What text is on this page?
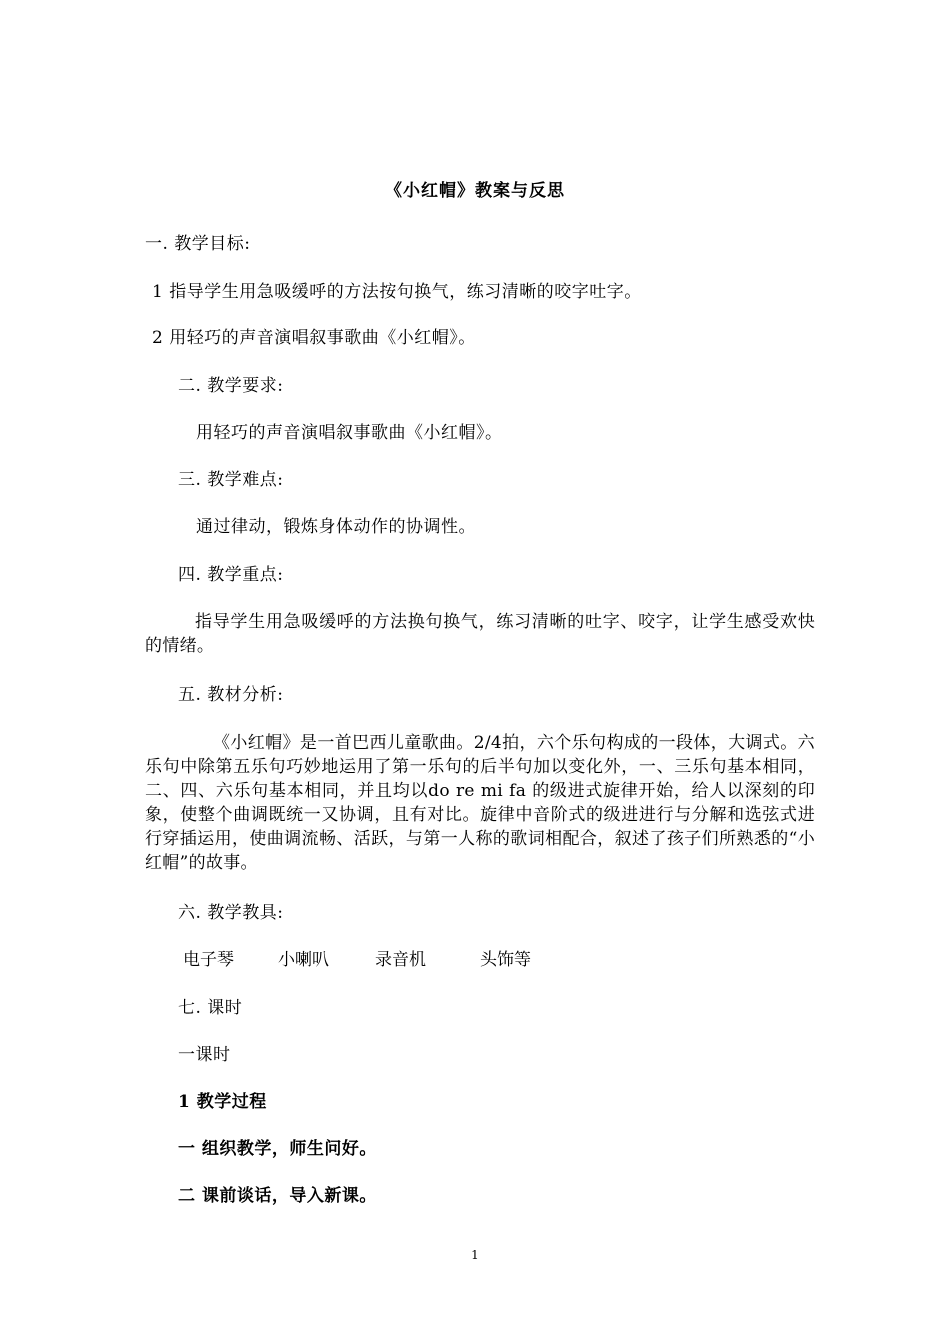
《小红帽》教案与反思
一. 教学目标:
1 指导学生用急吸缓呼的方法按句换气，练习清晰的咬字吐字。
2 用轻巧的声音演唱叙事歌曲《小红帽》。
二. 教学要求:
用轻巧的声音演唱叙事歌曲《小红帽》。
三. 教学难点:
通过律动，锻炼身体动作的协调性。
四. 教学重点:
指导学生用急吸缓呼的方法换句换气，练习清晰的吐字、咬字，让学生感受欢快的情绪。
五. 教材分析:
《小红帽》是一首巴西儿童歌曲。2/4拍，六个乐句构成的一段体，大调式。六乐句中除第五乐句巧妙地运用了第一乐句的后半句加以变化外，一、三乐句基本相同，二、四、六乐句基本相同，并且均以do re mi fa 的级进式旋律开始，给人以深刻的印象，使整个曲调既统一又协调，且有对比。旋律中音阶式的级进进行与分解和选弦式进行穿插运用，使曲调流畅、活跃，与第一人称的歌词相配合，叙述了孩子们所熟悉的“小红帽”的故事。
六. 教学教具:
电子琴	小喇叭	录音机	头饰等
七. 课时
一课时
1 教学过程
一 组织教学，师生问好。
二 课前谈话，导入新课。
1
